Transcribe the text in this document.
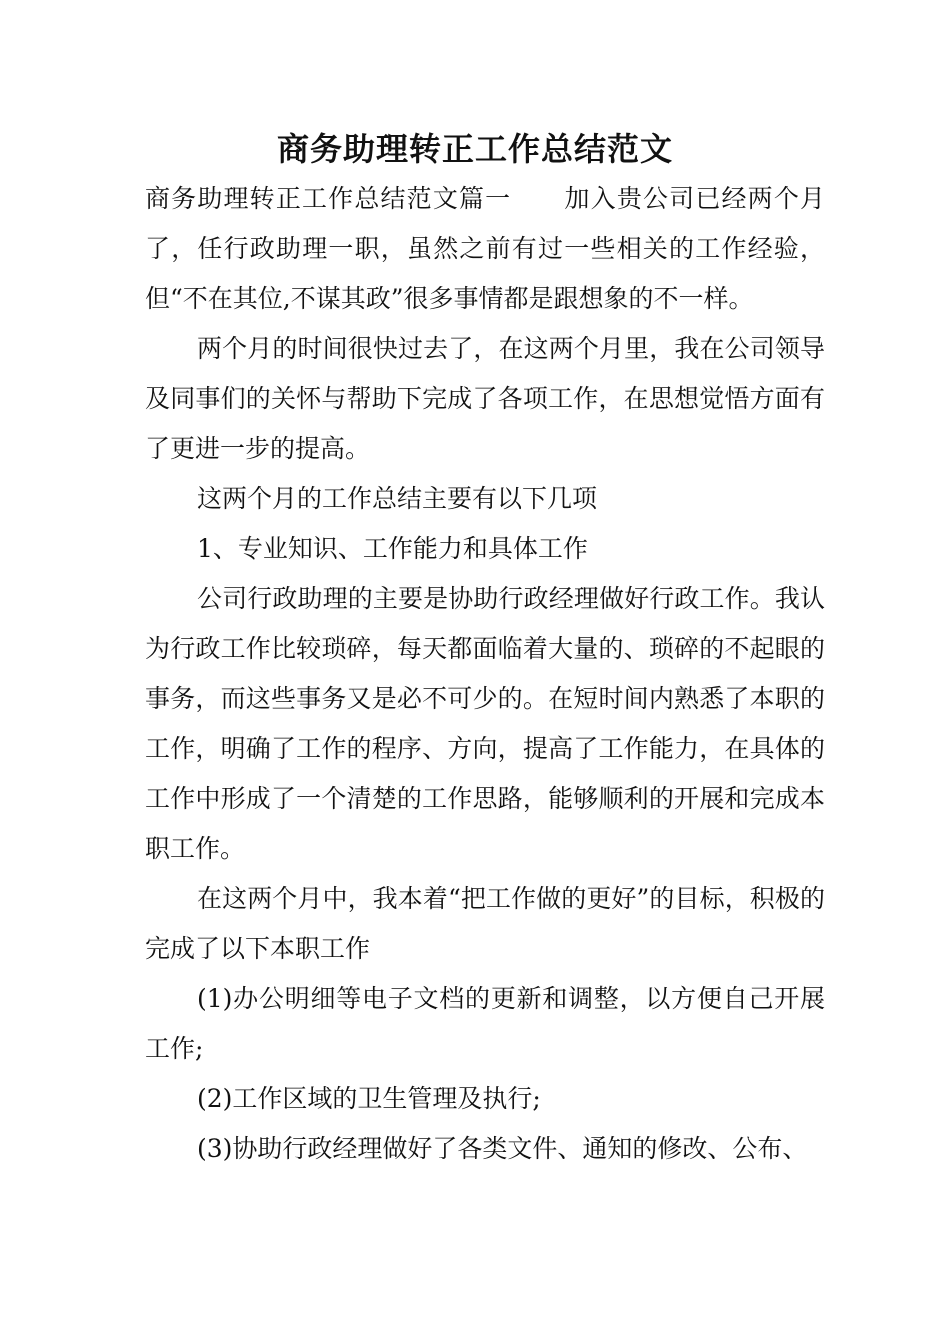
商务助理转正工作总结范文

商务助理转正工作总结范文篇一 加入贵公司已经两个月了，任行政助理一职，虽然之前有过一些相关的工作经验，但“不在其位,不谋其政”很多事情都是跟想象的不一样。

两个月的时间很快过去了，在这两个月里，我在公司领导及同事们的关怀与帮助下完成了各项工作，在思想觉悟方面有了更进一步的提高。

这两个月的工作总结主要有以下几项

1、专业知识、工作能力和具体工作

公司行政助理的主要是协助行政经理做好行政工作。我认为行政工作比较琐碎，每天都面临着大量的、琐碎的不起眼的事务，而这些事务又是必不可少的。在短时间内熟悉了本职的工作，明确了工作的程序、方向，提高了工作能力，在具体的工作中形成了一个清楚的工作思路，能够顺利的开展和完成本职工作。

在这两个月中，我本着“把工作做的更好”的目标，积极的完成了以下本职工作

(1)办公明细等电子文档的更新和调整，以方便自己开展工作;

(2)工作区域的卫生管理及执行;

(3)协助行政经理做好了各类文件、通知的修改、公布、
